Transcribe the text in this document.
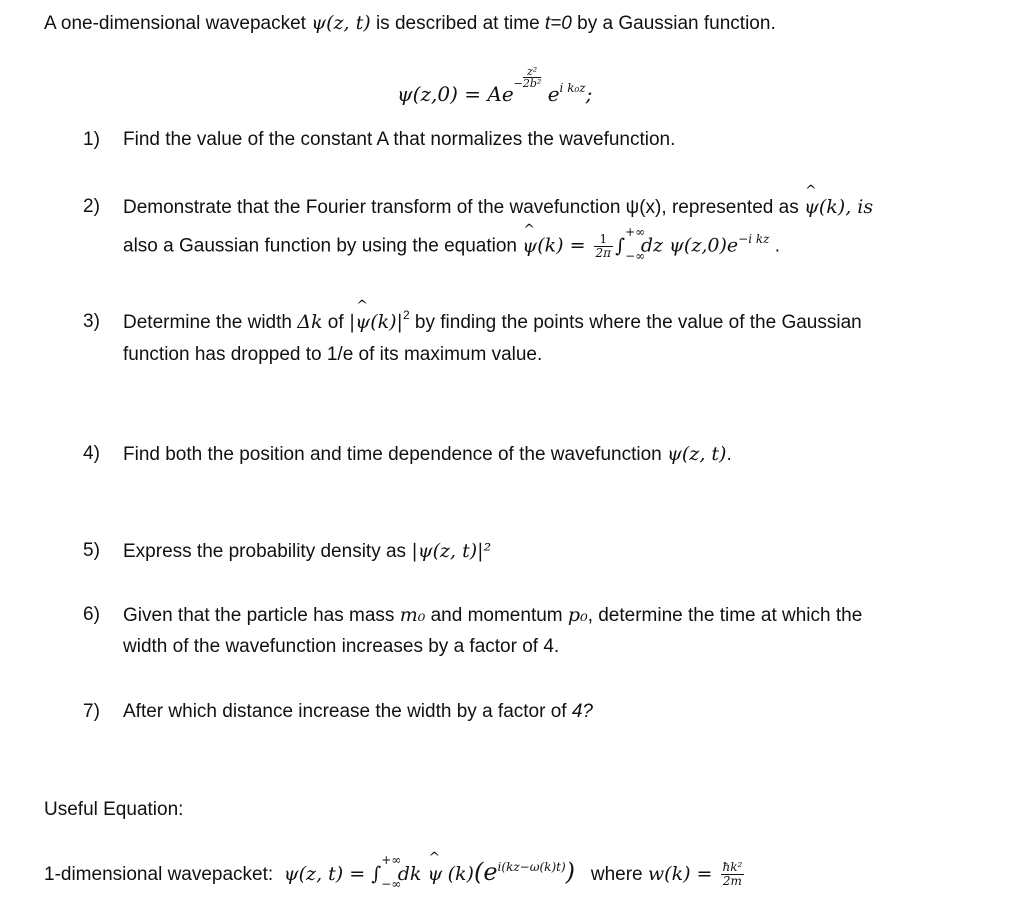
A one-dimensional wavepacket ψ(z, t) is described at time t=0 by a Gaussian function.
$\psi(z,0) = Ae- \frac{\text{z²}}{\text{2b²}} e^{i k_0z}$;
1) Find the value of the constant A that normalizes the wavefunction.
2) Demonstrate that the Fourier transform of the wavefunction ψ(x), represented as ^ ψ(k), is
also a Gaussian function by using the equation ^ $\psi(k) = \frac{1}{2\pi}$ ∫
+∞
−∞
dz $\psi(z,0)e^{-i kz}$ .
3) Determine the width Δk of |^ $\psi(k)|^2$ by finding the points where the value of the Gaussian
function has dropped to 1/e of its maximum value.
4) Find both the position and time dependence of the wavefunction ψ(z, t).
5) Express the probability density as |ψ(z, t)|²
6) Given that the particle has mass m₀ and momentum p₀, determine the time at which the
width of the wavefunction increases by a factor of 4.
7) After which distance increase the width by a factor of 4?
Useful Equation:
1-dimensional wavepacket: ψ(z, t) = ∫
+∞
−∞
dk ^ ψ $(k)(e^{i(kz-\omega(k)t)})$ where $w(k) = \frac{\text{ħk²}}{2m}$
